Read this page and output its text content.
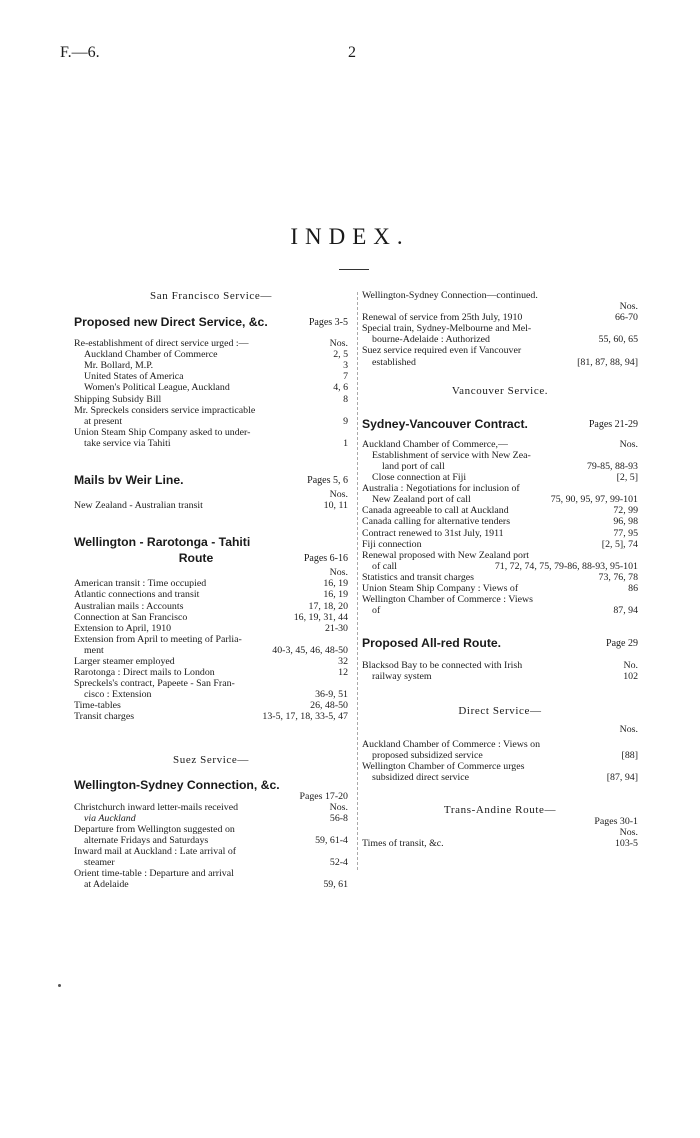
F.—6.	2
INDEX.
San Francisco Service—
Proposed new Direct Service, &c.	Pages 3-5
Re-establishment of direct service urged :—	Nos.
Auckland Chamber of Commerce	2, 5
Mr. Bollard, M.P.	3
United States of America	7
Women's Political League, Auckland	4, 6
Shipping Subsidy Bill	8
Mr. Spreckels considers service impracticable
at present	9
Union Steam Ship Company asked to under-
take service via Tahiti	1
Mails bv Weir Line.	Pages 5, 6
Nos.
New Zealand - Australian transit	10, 11
Wellington - Rarotonga - Tahiti
Route	Pages 6-16
Nos.
American transit : Time occupied	16, 19
Atlantic connections and transit	16, 19
Australian mails : Accounts	17, 18, 20
Connection at San Francisco	16, 19, 31, 44
Extension to April, 1910	21-30
Extension from April to meeting of Parlia-
ment	40-3, 45, 46, 48-50
Larger steamer employed	32
Rarotonga : Direct mails to London	12
Spreckels's contract, Papeete - San Fran-
cisco : Extension	36-9, 51
Time-tables	26, 48-50
Transit charges	13-5, 17, 18, 33-5, 47
Suez Service—
Wellington-Sydney Connection, &c.
Pages 17-20
Christchurch inward letter-mails received	Nos.
via Auckland	56-8
Departure from Wellington suggested on
alternate Fridays and Saturdays	59, 61-4
Inward mail at Auckland : Late arrival of
steamer	52-4
Orient time-table : Departure and arrival
at Adelaide	59, 61
Wellington-Sydney Connection—continued.
Nos.
Renewal of service from 25th July, 1910	66-70
Special train, Sydney-Melbourne and Mel-
bourne-Adelaide : Authorized	55, 60, 65
Suez service required even if Vancouver
established	[81, 87, 88, 94]
Vancouver Service.
Sydney-Vancouver Contract.	Pages 21-29
Auckland Chamber of Commerce,—	Nos.
Establishment of service with New Zea-
land port of call	79-85, 88-93
Close connection at Fiji	[2, 5]
Australia : Negotiations for inclusion of
New Zealand port of call	75, 90, 95, 97, 99-101
Canada agreeable to call at Auckland	72, 99
Canada calling for alternative tenders	96, 98
Contract renewed to 31st July, 1911	77, 95
Fiji connection	[2, 5], 74
Renewal proposed with New Zealand port
of call	71, 72, 74, 75, 79-86, 88-93, 95-101
Statistics and transit charges	73, 76, 78
Union Steam Ship Company : Views of	86
Wellington Chamber of Commerce : Views
of	87, 94
Proposed All-red Route.	Page 29
Blacksod Bay to be connected with Irish	No.
railway system	102
Direct Service—
Nos.
Auckland Chamber of Commerce : Views on
proposed subsidized service	[88]
Wellington Chamber of Commerce urges
subsidized direct service	[87, 94]
Trans-Andine Route—
Pages 30-1
Nos.
Times of transit, &c.	103-5
